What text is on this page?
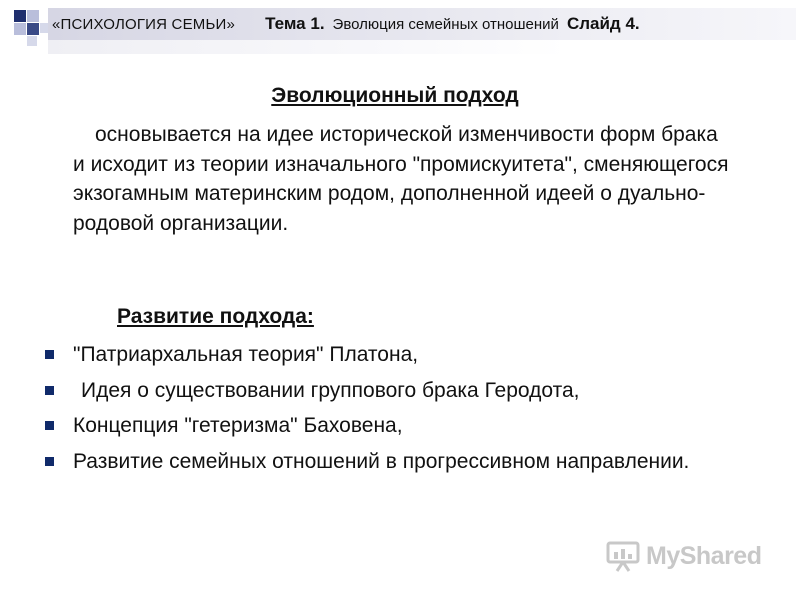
«ПСИХОЛОГИЯ СЕМЬИ» Тема 1. Эволюция семейных отношений Слайд 4.
Эволюционный подход
основывается на идее исторической изменчивости форм брака и исходит из теории изначального "промискуитета", сменяющегося экзогамным материнским родом, дополненной идеей о дуально-родовой организации.
Развитие подхода:
"Патриархальная теория" Платона,
Идея о существовании группового брака Геродота,
Концепция "гетеризма" Баховена,
Развитие семейных отношений в прогрессивном направлении.
MyShared
